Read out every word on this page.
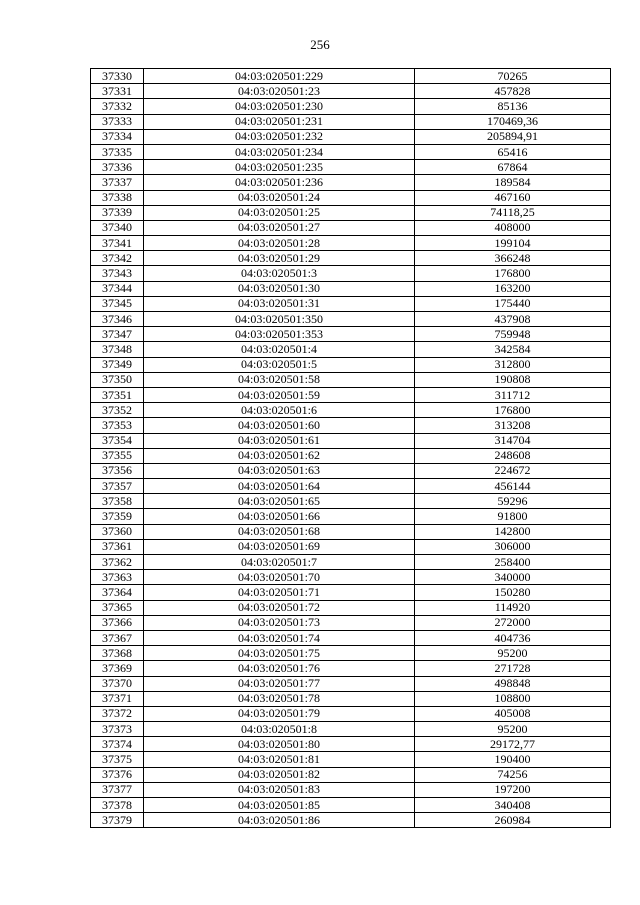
256
37330	04:03:020501:229	70265
37331	04:03:020501:23	457828
37332	04:03:020501:230	85136
37333	04:03:020501:231	170469,36
37334	04:03:020501:232	205894,91
37335	04:03:020501:234	65416
37336	04:03:020501:235	67864
37337	04:03:020501:236	189584
37338	04:03:020501:24	467160
37339	04:03:020501:25	74118,25
37340	04:03:020501:27	408000
37341	04:03:020501:28	199104
37342	04:03:020501:29	366248
37343	04:03:020501:3	176800
37344	04:03:020501:30	163200
37345	04:03:020501:31	175440
37346	04:03:020501:350	437908
37347	04:03:020501:353	759948
37348	04:03:020501:4	342584
37349	04:03:020501:5	312800
37350	04:03:020501:58	190808
37351	04:03:020501:59	311712
37352	04:03:020501:6	176800
37353	04:03:020501:60	313208
37354	04:03:020501:61	314704
37355	04:03:020501:62	248608
37356	04:03:020501:63	224672
37357	04:03:020501:64	456144
37358	04:03:020501:65	59296
37359	04:03:020501:66	91800
37360	04:03:020501:68	142800
37361	04:03:020501:69	306000
37362	04:03:020501:7	258400
37363	04:03:020501:70	340000
37364	04:03:020501:71	150280
37365	04:03:020501:72	114920
37366	04:03:020501:73	272000
37367	04:03:020501:74	404736
37368	04:03:020501:75	95200
37369	04:03:020501:76	271728
37370	04:03:020501:77	498848
37371	04:03:020501:78	108800
37372	04:03:020501:79	405008
37373	04:03:020501:8	95200
37374	04:03:020501:80	29172,77
37375	04:03:020501:81	190400
37376	04:03:020501:82	74256
37377	04:03:020501:83	197200
37378	04:03:020501:85	340408
37379	04:03:020501:86	260984
